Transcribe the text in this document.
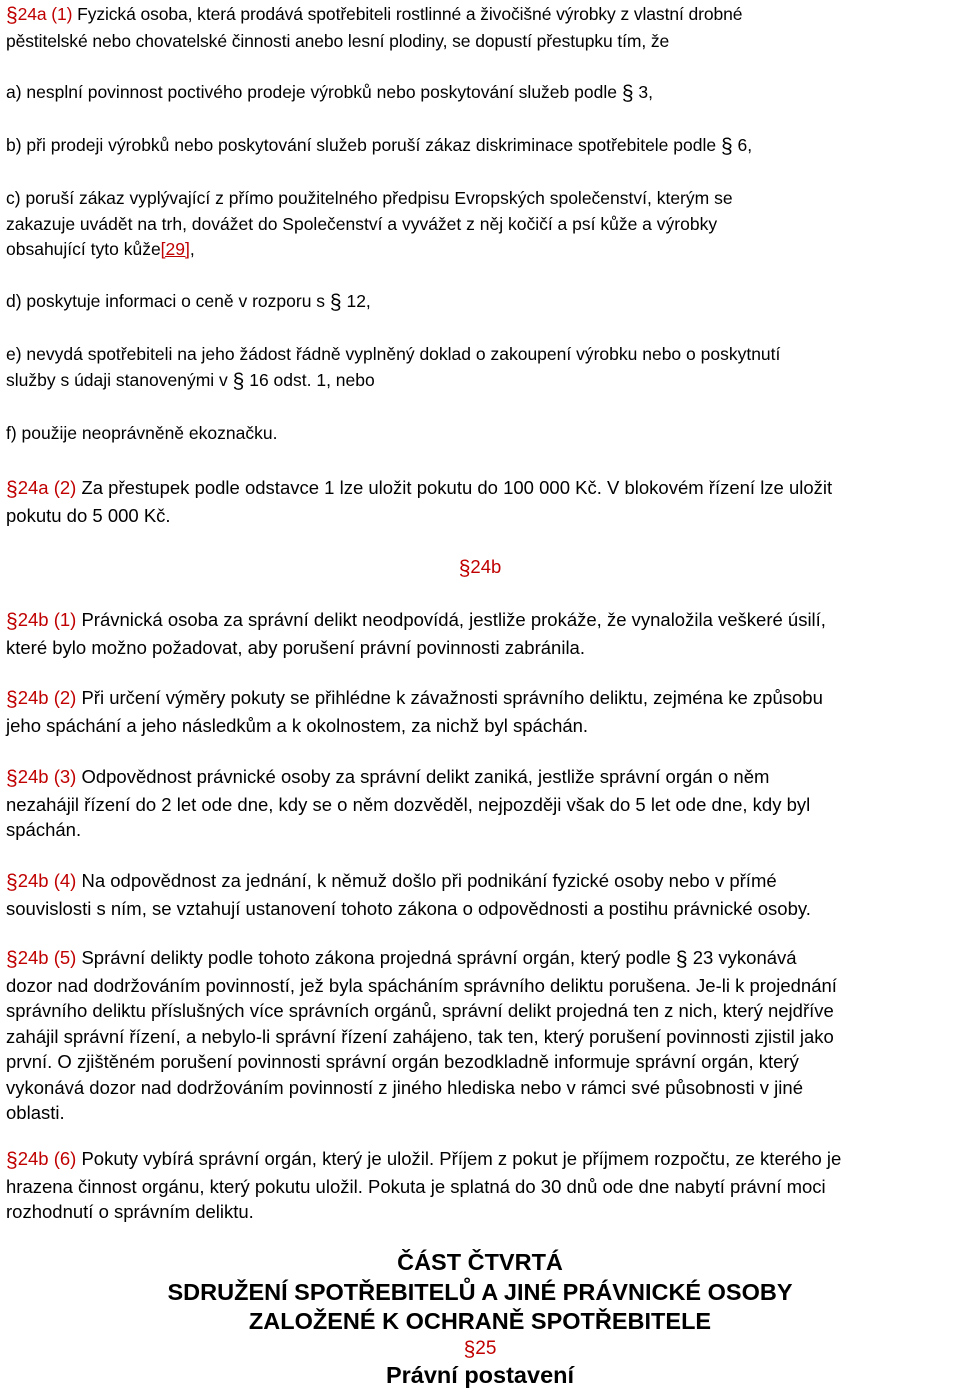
§24a (1) Fyzická osoba, která prodává spotřebiteli rostlinné a živočišné výrobky z vlastní drobné
pěstitelské nebo chovatelské činnosti anebo lesní plodiny, se dopustí přestupku tím, že

a) nesplní povinnost poctivého prodeje výrobků nebo poskytování služeb podle § 3,

b) při prodeji výrobků nebo poskytování služeb poruší zákaz diskriminace spotřebitele podle § 6,

c) poruší zákaz vyplývající z přímo použitelného předpisu Evropských společenství, kterým se
zakazuje uvádět na trh, dovážet do Společenství a vyvážet z něj kočičí a psí kůže a výrobky
obsahující tyto kůže[29],

d) poskytuje informaci o ceně v rozporu s § 12,

e) nevydá spotřebiteli na jeho žádost řádně vyplněný doklad o zakoupení výrobku nebo o poskytnutí
služby s údaji stanovenými v § 16 odst. 1, nebo

f) použije neoprávněně ekoznačku.

§24a (2) Za přestupek podle odstavce 1 lze uložit pokutu do 100 000 Kč. V blokovém řízení lze uložit
pokutu do 5 000 Kč.

§24b

§24b (1) Právnická osoba za správní delikt neodpovídá, jestliže prokáže, že vynaložila veškeré úsilí,
které bylo možno požadovat, aby porušení právní povinnosti zabránila.

§24b (2) Při určení výměry pokuty se přihlédne k závažnosti správního deliktu, zejména ke způsobu
jeho spáchání a jeho následkům a k okolnostem, za nichž byl spáchán.

§24b (3) Odpovědnost právnické osoby za správní delikt zaniká, jestliže správní orgán o něm
nezahájil řízení do 2 let ode dne, kdy se o něm dozvěděl, nejpozději však do 5 let ode dne, kdy byl
spáchán.

§24b (4) Na odpovědnost za jednání, k němuž došlo při podnikání fyzické osoby nebo v přímé
souvislosti s ním, se vztahují ustanovení tohoto zákona o odpovědnosti a postihu právnické osoby.

§24b (5) Správní delikty podle tohoto zákona projedná správní orgán, který podle § 23 vykonává
dozor nad dodržováním povinností, jež byla spácháním správního deliktu porušena. Je-li k projednání
správního deliktu příslušných více správních orgánů, správní delikt projedná ten z nich, který nejdříve
zahájil správní řízení, a nebylo-li správní řízení zahájeno, tak ten, který porušení povinnosti zjistil jako
první. O zjištěném porušení povinnosti správní orgán bezodkladně informuje správní orgán, který
vykonává dozor nad dodržováním povinností z jiného hlediska nebo v rámci své působnosti v jiné
oblasti.

§24b (6) Pokuty vybírá správní orgán, který je uložil. Příjem z pokut je příjmem rozpočtu, ze kterého je
hrazena činnost orgánu, který pokutu uložil. Pokuta je splatná do 30 dnů ode dne nabytí právní moci
rozhodnutí o správním deliktu.

ČÁST ČTVRTÁ
SDRUŽENÍ SPOTŘEBITELŮ A JINÉ PRÁVNICKÉ OSOBY
ZALOŽENÉ K OCHRANĚ SPOTŘEBITELE
§25
Právní postavení
